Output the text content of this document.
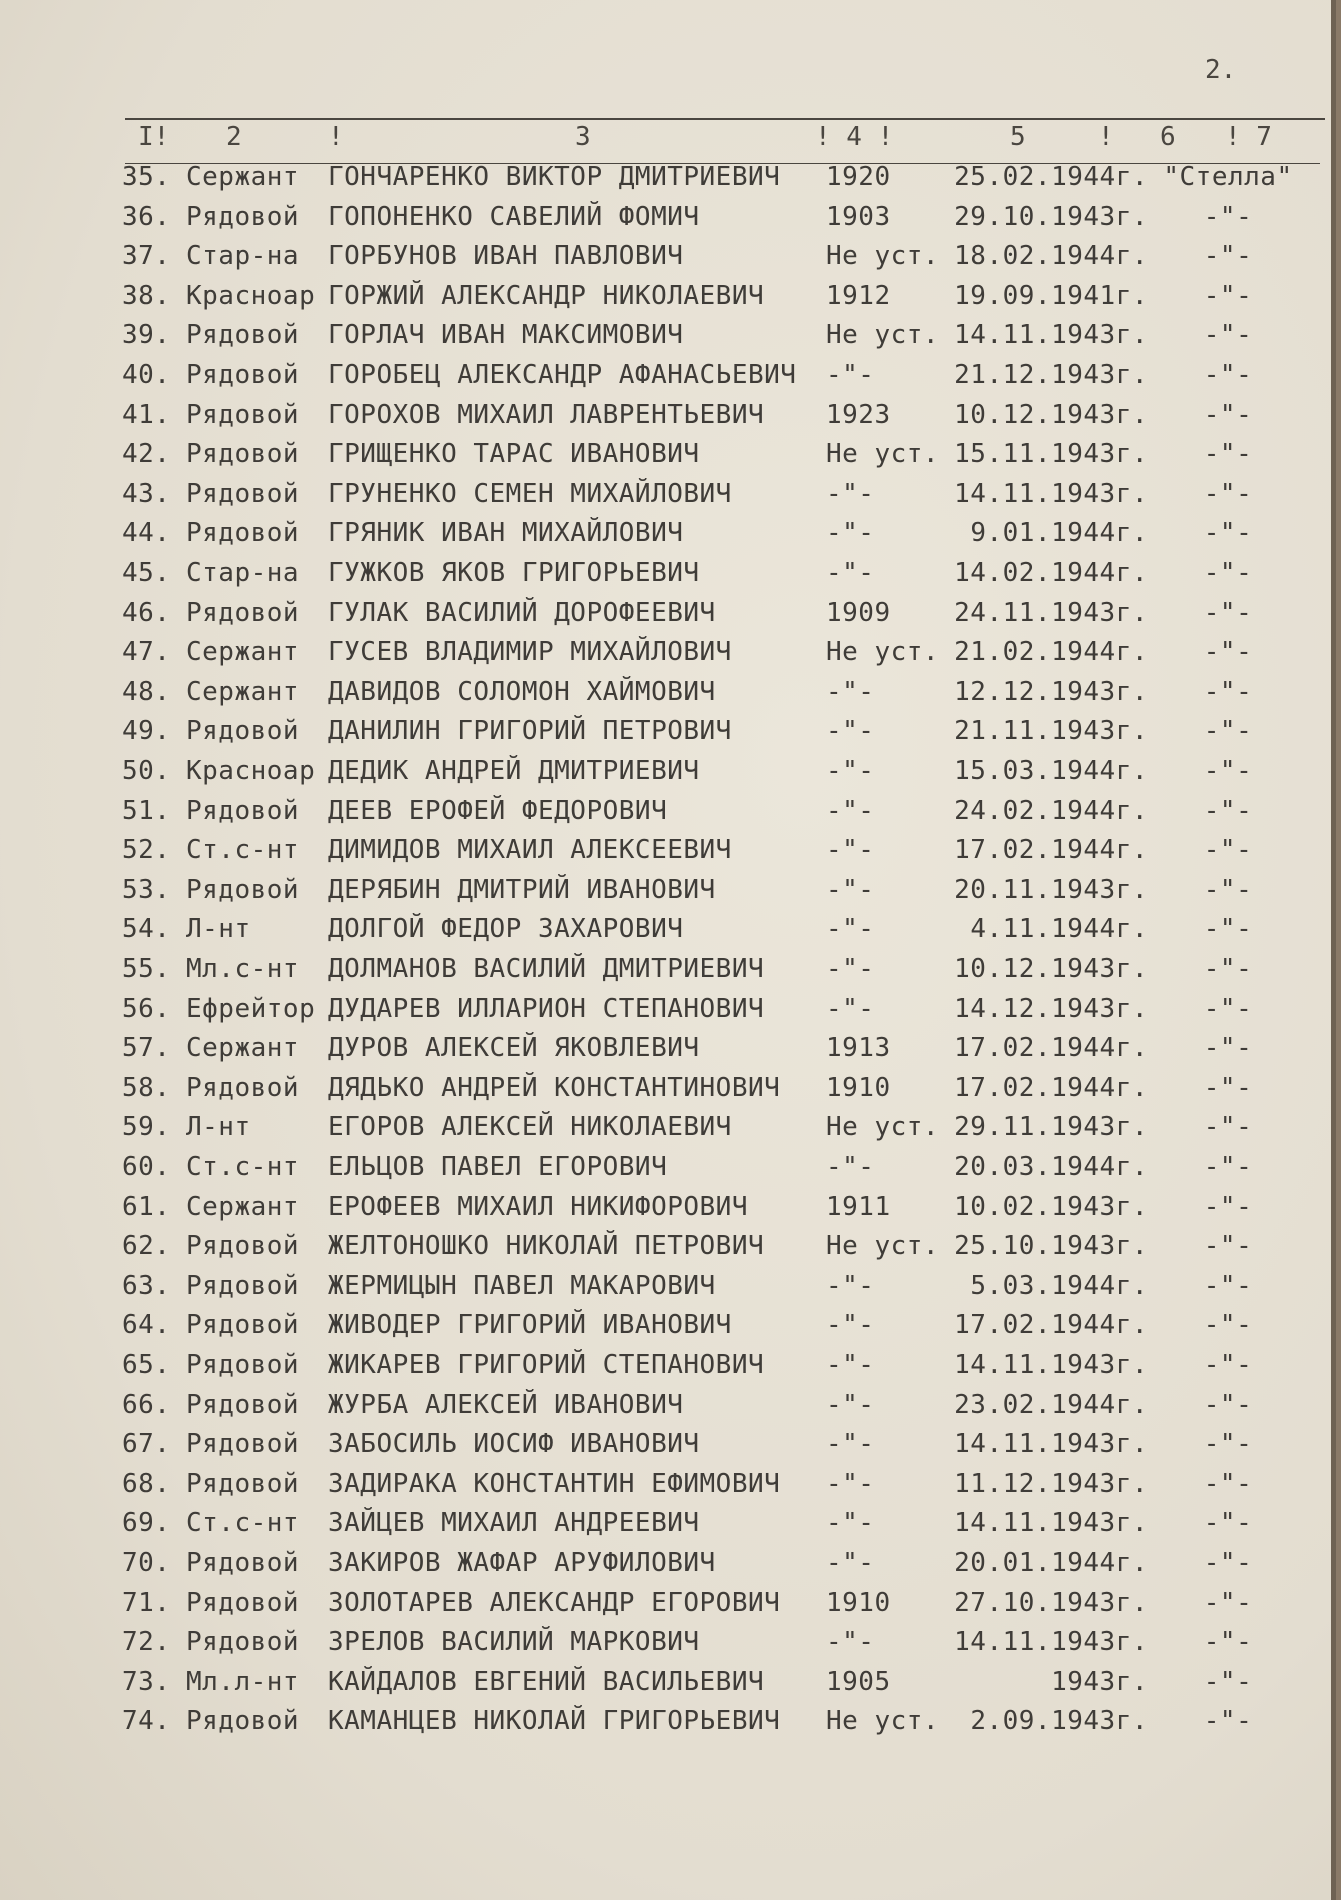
2.
I! 2	!	3	! 4 !	5	! 6 ! 7
35. Сержант ГОНЧАРЕНКО ВИКТОР ДМИТРИЕВИЧ 1920 25.02.1944г. "Стелла"
36. Рядовой ГОПОНЕНКО САВЕЛИЙ ФОМИЧ	1903 29.10.1943г.	-"-
37. Стар-на ГОРБУНОВ ИВАН ПАВЛОВИЧ	Не уст. 18.02.1944г.	-"-
38. Красноар ГОРЖИЙ АЛЕКСАНДР НИКОЛАЕВИЧ 1912 19.09.1941г.	-"-
39. Рядовой ГОРЛАЧ ИВАН МАКСИМОВИЧ	Не уст. 14.11.1943г.	-"-
40. Рядовой ГОРОБЕЦ АЛЕКСАНДР АФАНАСЬЕВИЧ -"-	21.12.1943г.	-"-
41. Рядовой ГОРОХОВ МИХАИЛ ЛАВРЕНТЬЕВИЧ 1923 10.12.1943г.	-"-
42. Рядовой ГРИЩЕНКО ТАРАС ИВАНОВИЧ	Не уст. 15.11.1943г.	-"-
43. Рядовой ГРУНЕНКО СЕМЕН МИХАЙЛОВИЧ	-"-	14.11.1943г.	-"-
44. Рядовой ГРЯНИК ИВАН МИХАЙЛОВИЧ	-"-	9.01.1944г.	-"-
45. Стар-на ГУЖКОВ ЯКОВ ГРИГОРЬЕВИЧ	-"-	14.02.1944г.	-"-
46. Рядовой ГУЛАК ВАСИЛИЙ ДОРОФЕЕВИЧ	1909 24.11.1943г.	-"-
47. Сержант ГУСЕВ ВЛАДИМИР МИХАЙЛОВИЧ	Не уст. 21.02.1944г.	-"-
48. Сержант ДАВИДОВ СОЛОМОН ХАЙМОВИЧ	-"-	12.12.1943г.	-"-
49. Рядовой ДАНИЛИН ГРИГОРИЙ ПЕТРОВИЧ	-"-	21.11.1943г.	-"-
50. Красноар ДЕДИК АНДРЕЙ ДМИТРИЕВИЧ	-"-	15.03.1944г.	-"-
51. Рядовой ДЕЕВ ЕРОФЕЙ ФЕДОРОВИЧ	-"-	24.02.1944г.	-"-
52. Ст.с-нт ДИМИДОВ МИХАИЛ АЛЕКСЕЕВИЧ	-"-	17.02.1944г.	-"-
53. Рядовой ДЕРЯБИН ДМИТРИЙ ИВАНОВИЧ	-"-	20.11.1943г.	-"-
54. Л-нт	ДОЛГОЙ ФЕДОР ЗАХАРОВИЧ	-"-	4.11.1944г.	-"-
55. Мл.с-нт ДОЛМАНОВ ВАСИЛИЙ ДМИТРИЕВИЧ -"-	10.12.1943г.	-"-
56. Ефрейтор ДУДАРЕВ ИЛЛАРИОН СТЕПАНОВИЧ -"-	14.12.1943г.	-"-
57. Сержант ДУРОВ АЛЕКСЕЙ ЯКОВЛЕВИЧ	1913 17.02.1944г.	-"-
58. Рядовой ДЯДЬКО АНДРЕЙ КОНСТАНТИНОВИЧ 1910 17.02.1944г.	-"-
59. Л-нт	ЕГОРОВ АЛЕКСЕЙ НИКОЛАЕВИЧ	Не уст. 29.11.1943г.	-"-
60. Ст.с-нт ЕЛЬЦОВ ПАВЕЛ ЕГОРОВИЧ	-"-	20.03.1944г.	-"-
61. Сержант ЕРОФЕЕВ МИХАИЛ НИКИФОРОВИЧ	1911 10.02.1943г.	-"-
62. Рядовой ЖЕЛТОНОШКО НИКОЛАЙ ПЕТРОВИЧ Не уст. 25.10.1943г.	-"-
63. Рядовой ЖЕРМИЦЫН ПАВЕЛ МАКАРОВИЧ	-"-	5.03.1944г.	-"-
64. Рядовой ЖИВОДЕР ГРИГОРИЙ ИВАНОВИЧ	-"-	17.02.1944г.	-"-
65. Рядовой ЖИКАРЕВ ГРИГОРИЙ СТЕПАНОВИЧ -"-	14.11.1943г.	-"-
66. Рядовой ЖУРБА АЛЕКСЕЙ ИВАНОВИЧ	-"-	23.02.1944г.	-"-
67. Рядовой ЗАБОСИЛЬ ИОСИФ ИВАНОВИЧ	-"-	14.11.1943г.	-"-
68. Рядовой ЗАДИРАКА КОНСТАНТИН ЕФИМОВИЧ -"-	11.12.1943г.	-"-
69. Ст.с-нт ЗАЙЦЕВ МИХАИЛ АНДРЕЕВИЧ	-"-	14.11.1943г.	-"-
70. Рядовой ЗАКИРОВ ЖАФАР АРУФИЛОВИЧ	-"-	20.01.1944г.	-"-
71. Рядовой ЗОЛОТАРЕВ АЛЕКСАНДР ЕГОРОВИЧ 1910 27.10.1943г.	-"-
72. Рядовой ЗРЕЛОВ ВАСИЛИЙ МАРКОВИЧ	-"-	14.11.1943г.	-"-
73. Мл.л-нт КАЙДАЛОВ ЕВГЕНИЙ ВАСИЛЬЕВИЧ 1905	1943г.	-"-
74. Рядовой КАМАНЦЕВ НИКОЛАЙ ГРИГОРЬЕВИЧ Не уст. 2.09.1943г.	-"-
